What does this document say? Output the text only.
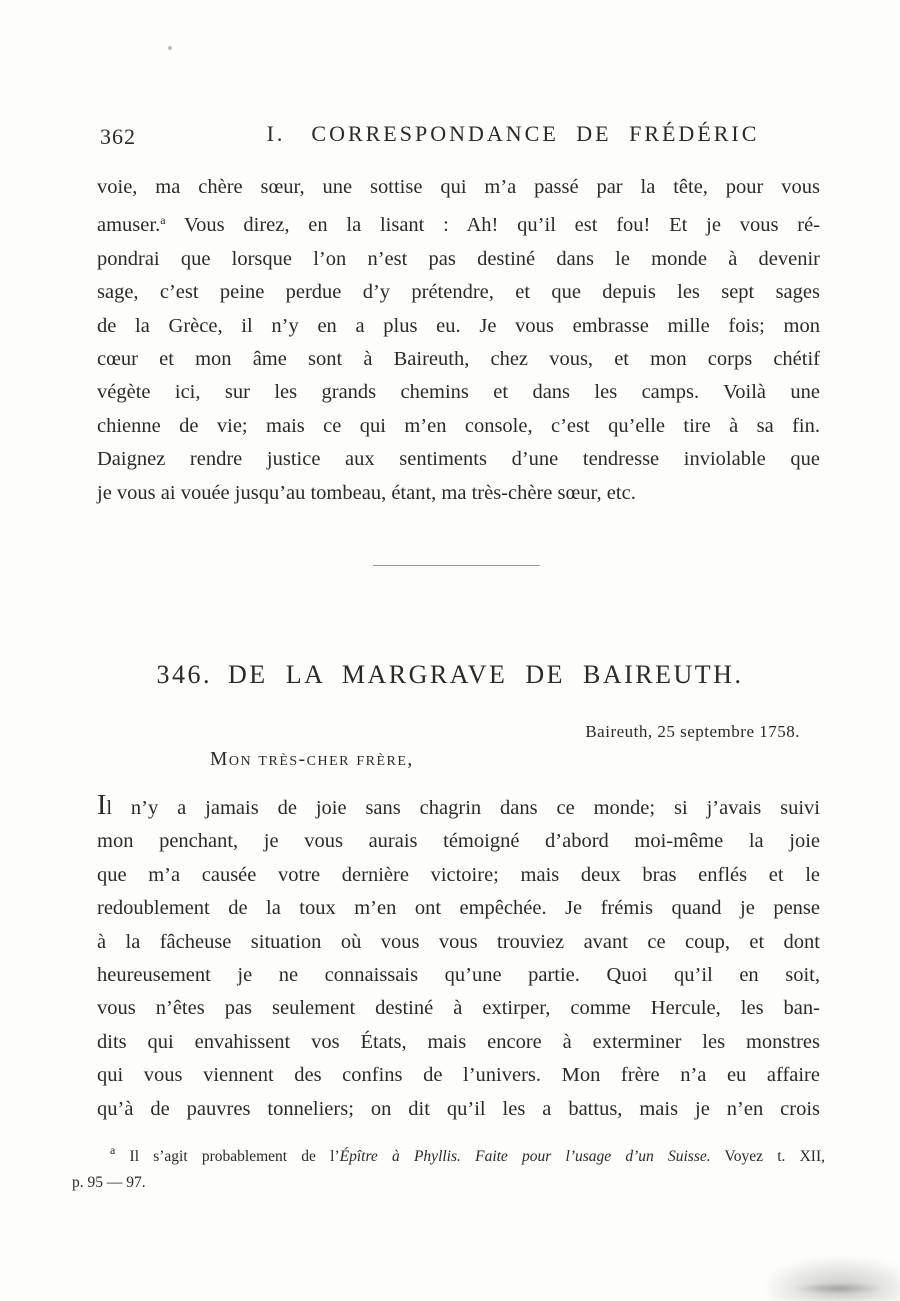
362	I. CORRESPONDANCE DE FRÉDÉRIC
voie, ma chère sœur, une sottise qui m’a passé par la tête, pour vous
amuser.$^a$ Vous direz, en la lisant : Ah! qu’il est fou! Et je vous ré-
pondrai que lorsque l’on n’est pas destiné dans le monde à devenir
sage, c’est peine perdue d’y prétendre, et que depuis les sept sages
de la Grèce, il n’y en a plus eu. Je vous embrasse mille fois; mon
cœur et mon âme sont à Baireuth, chez vous, et mon corps chétif
végète ici, sur les grands chemins et dans les camps. Voilà une
chienne de vie; mais ce qui m’en console, c’est qu’elle tire à sa fin.
Daignez rendre justice aux sentiments d’une tendresse inviolable que
je vous ai vouée jusqu’au tombeau, étant, ma très-chère sœur, etc.
346. DE LA MARGRAVE DE BAIREUTH.
Baireuth, 25 septembre 1758.
Mon très-cher frère,
Il n’y a jamais de joie sans chagrin dans ce monde; si j’avais suivi
mon penchant, je vous aurais témoigné d’abord moi-même la joie
que m’a causée votre dernière victoire; mais deux bras enflés et le
redoublement de la toux m’en ont empêchée. Je frémis quand je pense
à la fâcheuse situation où vous vous trouviez avant ce coup, et dont
heureusement je ne connaissais qu’une partie. Quoi qu’il en soit,
vous n’êtes pas seulement destiné à extirper, comme Hercule, les ban-
dits qui envahissent vos États, mais encore à exterminer les monstres
qui vous viennent des confins de l’univers. Mon frère n’a eu affaire
qu’à de pauvres tonneliers; on dit qu’il les a battus, mais je n’en crois
$^a$ Il s’agit probablement de l’Épître à Phyllis. Faite pour l’usage d’un Suisse. Voyez t. XII,
p. 95 — 97.
